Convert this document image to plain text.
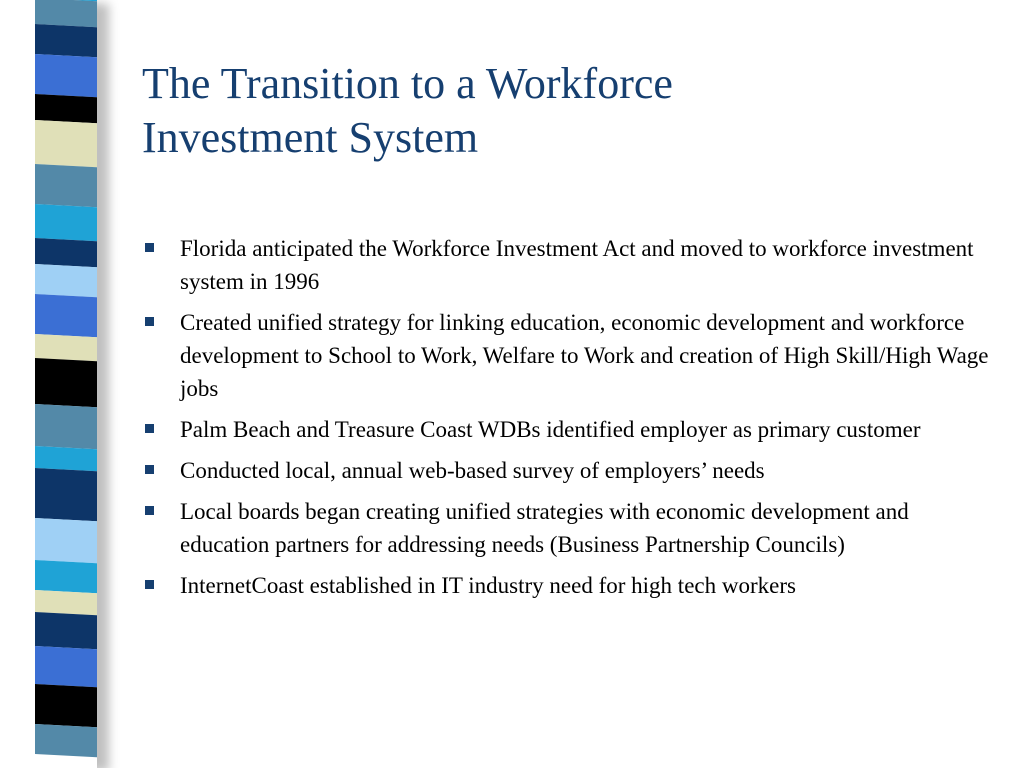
The Transition to a Workforce
Investment System
Florida anticipated the Workforce Investment Act and moved to workforce investment system in 1996
Created unified strategy for linking education, economic development and workforce development to School to Work, Welfare to Work and creation of High Skill/High Wage jobs
Palm Beach and Treasure Coast WDBs identified employer as primary customer
Conducted local, annual web-based survey of employers’ needs
Local boards began creating unified strategies with economic development and education partners for addressing needs (Business Partnership Councils)
InternetCoast established in IT industry need for high tech workers
